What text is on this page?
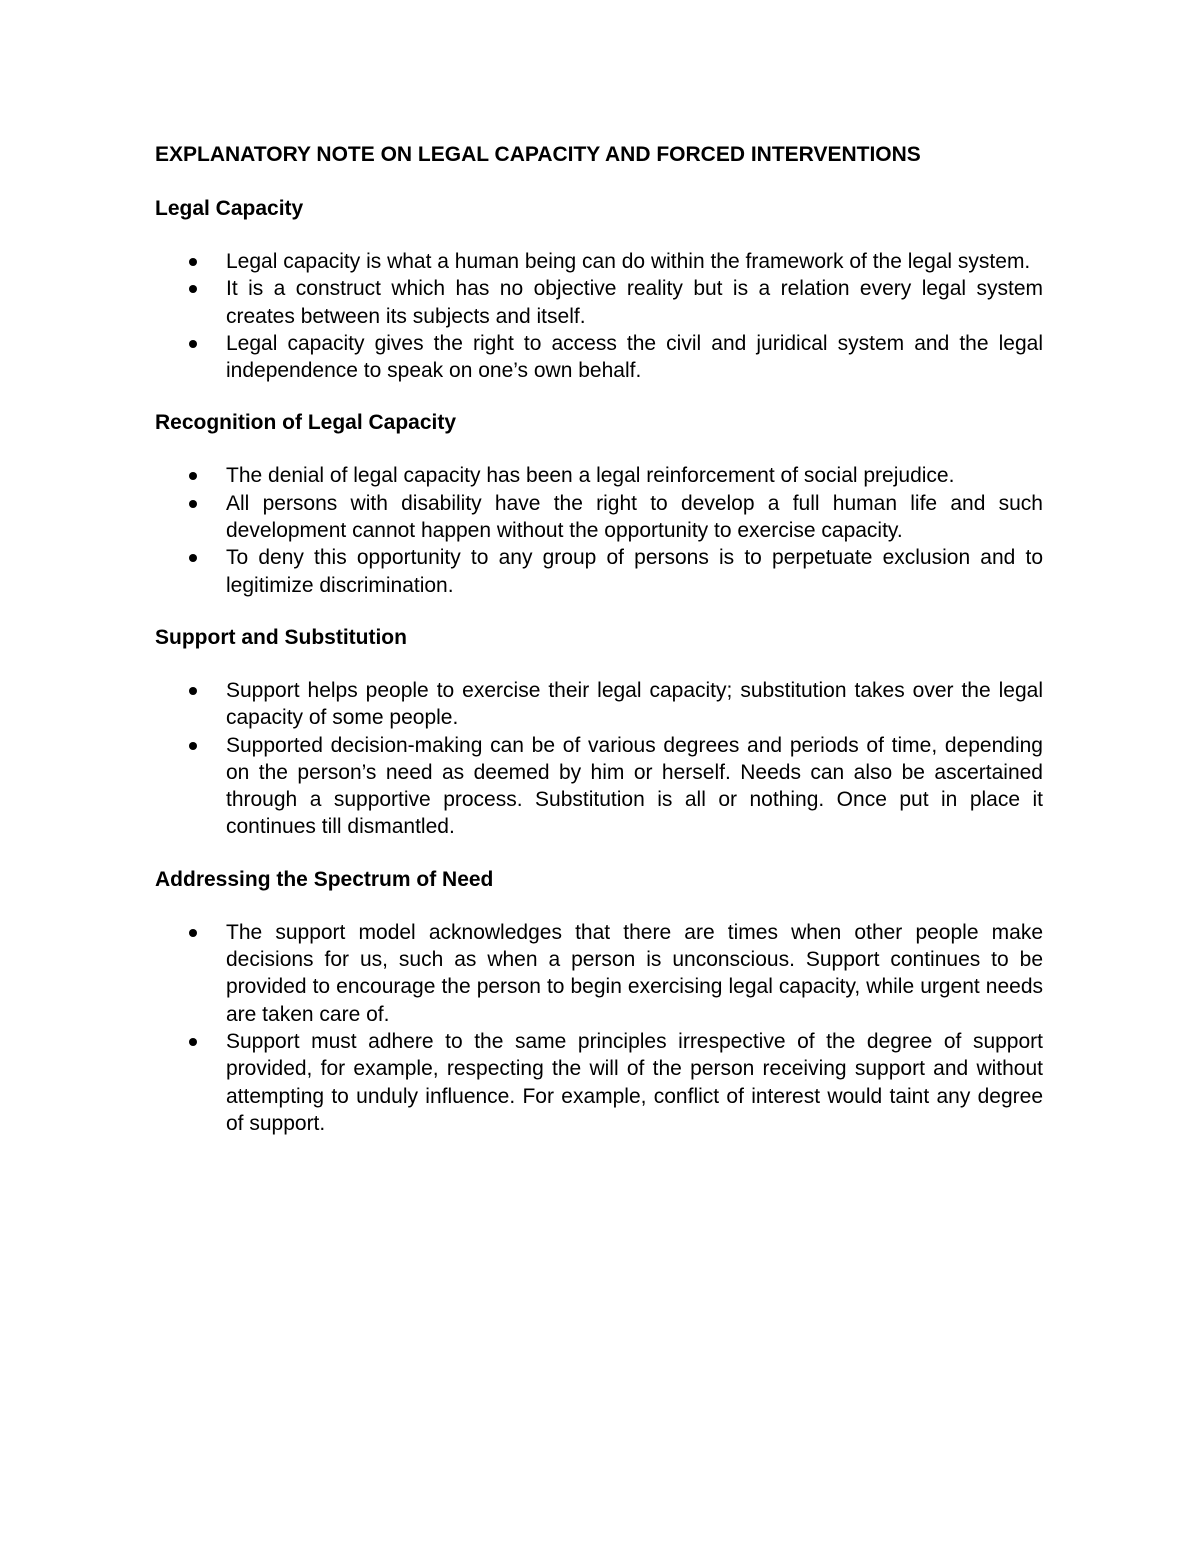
EXPLANATORY NOTE ON LEGAL CAPACITY AND FORCED INTERVENTIONS
Legal Capacity
Legal capacity is what a human being can do within the framework of the legal system.
It is a construct which has no objective reality but is a relation every legal system creates between its subjects and itself.
Legal capacity gives the right to access the civil and juridical system and the legal independence to speak on one’s own behalf.
Recognition of Legal Capacity
The denial of legal capacity has been a legal reinforcement of social prejudice.
All persons with disability have the right to develop a full human life and such development cannot happen without the opportunity to exercise capacity.
To deny this opportunity to any group of persons is to perpetuate exclusion and to legitimize discrimination.
Support and Substitution
Support helps people to exercise their legal capacity; substitution takes over the legal capacity of some people.
Supported decision-making can be of various degrees and periods of time, depending on the person’s need as deemed by him or herself. Needs can also be ascertained through a supportive process. Substitution is all or nothing. Once put in place it continues till dismantled.
Addressing the Spectrum of Need
The support model acknowledges that there are times when other people make decisions for us, such as when a person is unconscious. Support continues to be provided to encourage the person to begin exercising legal capacity, while urgent needs are taken care of.
Support must adhere to the same principles irrespective of the degree of support provided, for example, respecting the will of the person receiving support and without attempting to unduly influence. For example, conflict of interest would taint any degree of support.
